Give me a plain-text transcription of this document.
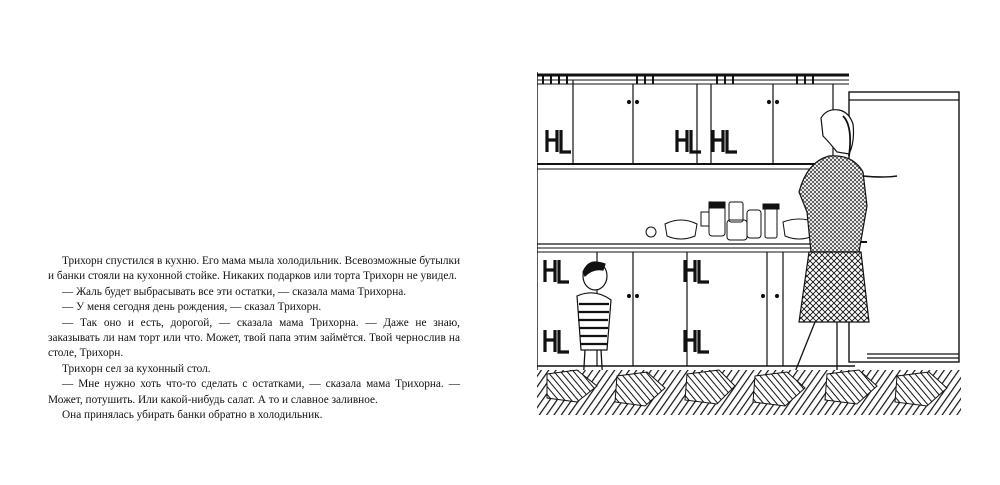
Трихорн спустился в кухню. Его мама мыла холодильник. Всевозможные бутылки и банки стояли на кухонной стойке. Никаких подарков или торта Трихорн не увидел.

— Жаль будет выбрасывать все эти остатки, — сказала мама Трихорна.

— У меня сегодня день рождения, — сказал Трихорн.

— Так оно и есть, дорогой, — сказала мама Трихорна. — Даже не знаю, заказывать ли нам торт или что. Может, твой папа этим займётся. Твой чернослив на столе, Трихорн.

Трихорн сел за кухонный стол.

— Мне нужно хоть что-то сделать с остатками, — сказала мама Трихорна. — Может, потушить. Или какой-нибудь салат. А то и славное заливное.

Она принялась убирать банки обратно в холодильник.
